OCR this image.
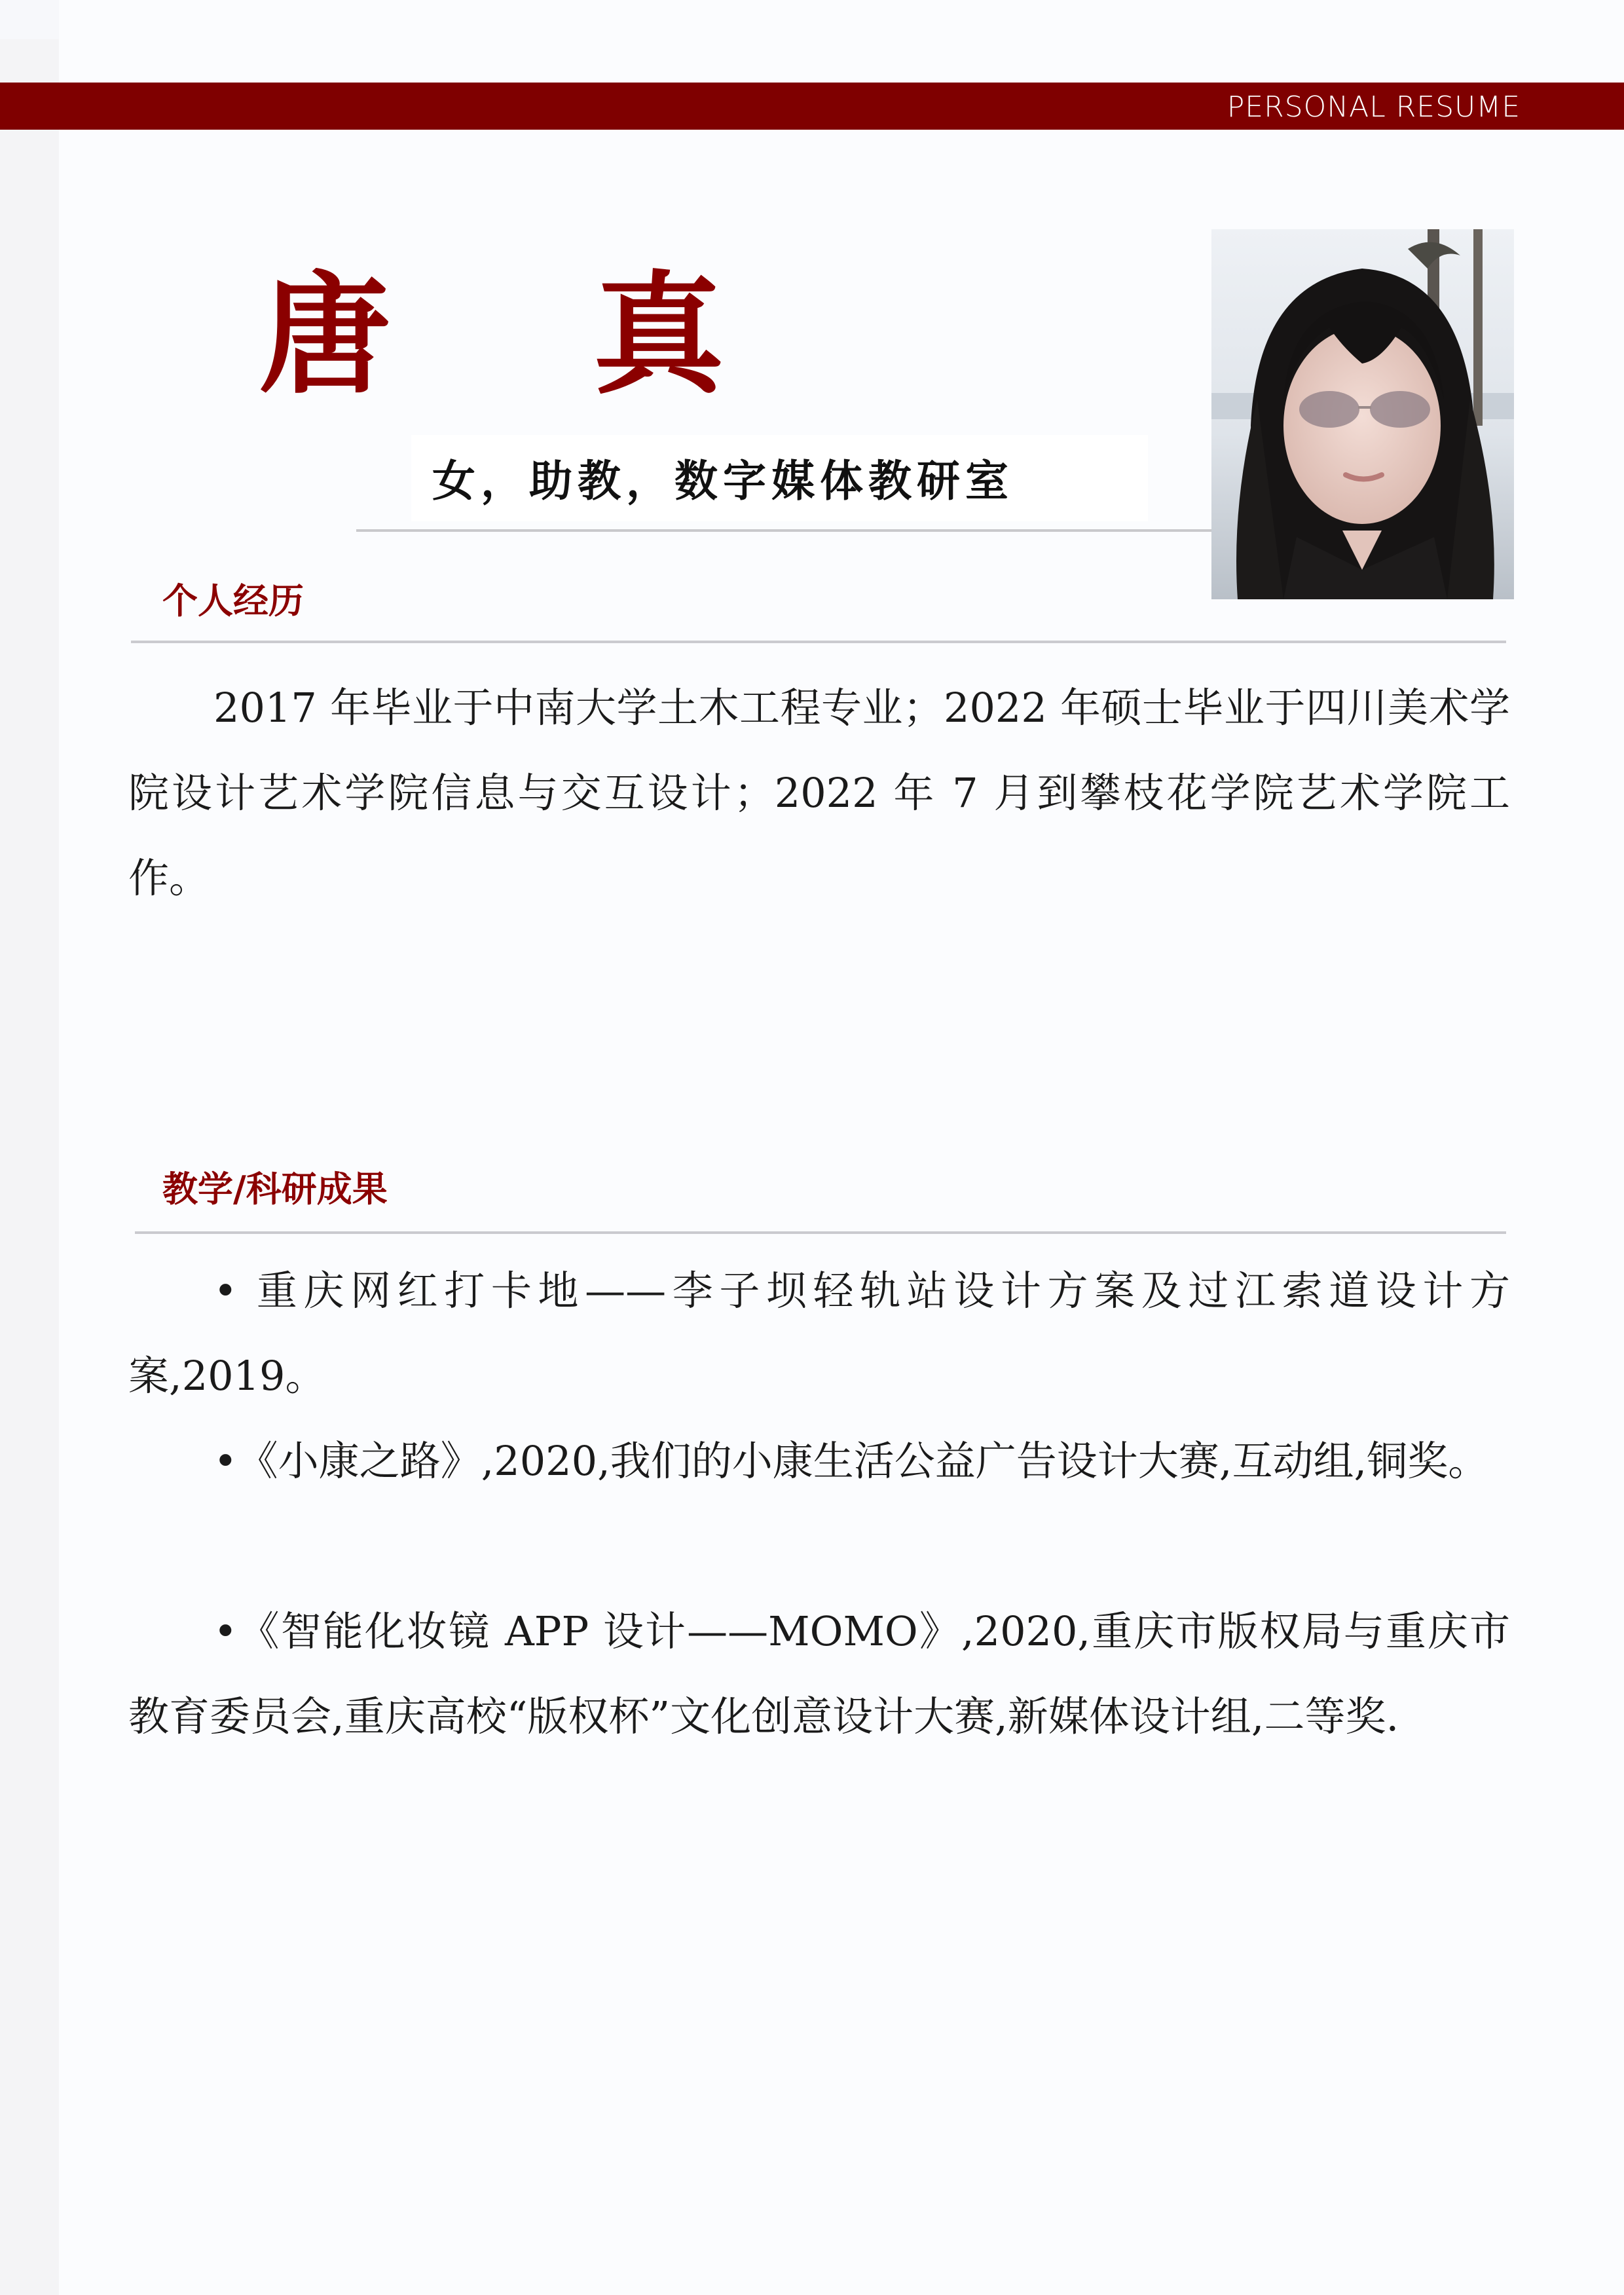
PERSONAL RESUME
唐 真
女，助教，数字媒体教研室
个人经历

2017 年毕业于中南大学土木工程专业；2022 年硕士毕业于四川美术学院设计艺术学院信息与交互设计；2022 年 7 月到攀枝花学院艺术学院工作。

教学/科研成果

• 重庆网红打卡地——李子坝轻轨站设计方案及过江索道设计方案,2019。

•《小康之路》,2020,我们的小康生活公益广告设计大赛,互动组,铜奖。

•《智能化妆镜 APP 设计——MOMO》,2020,重庆市版权局与重庆市教育委员会,重庆高校“版权杯”文化创意设计大赛,新媒体设计组,二等奖.
